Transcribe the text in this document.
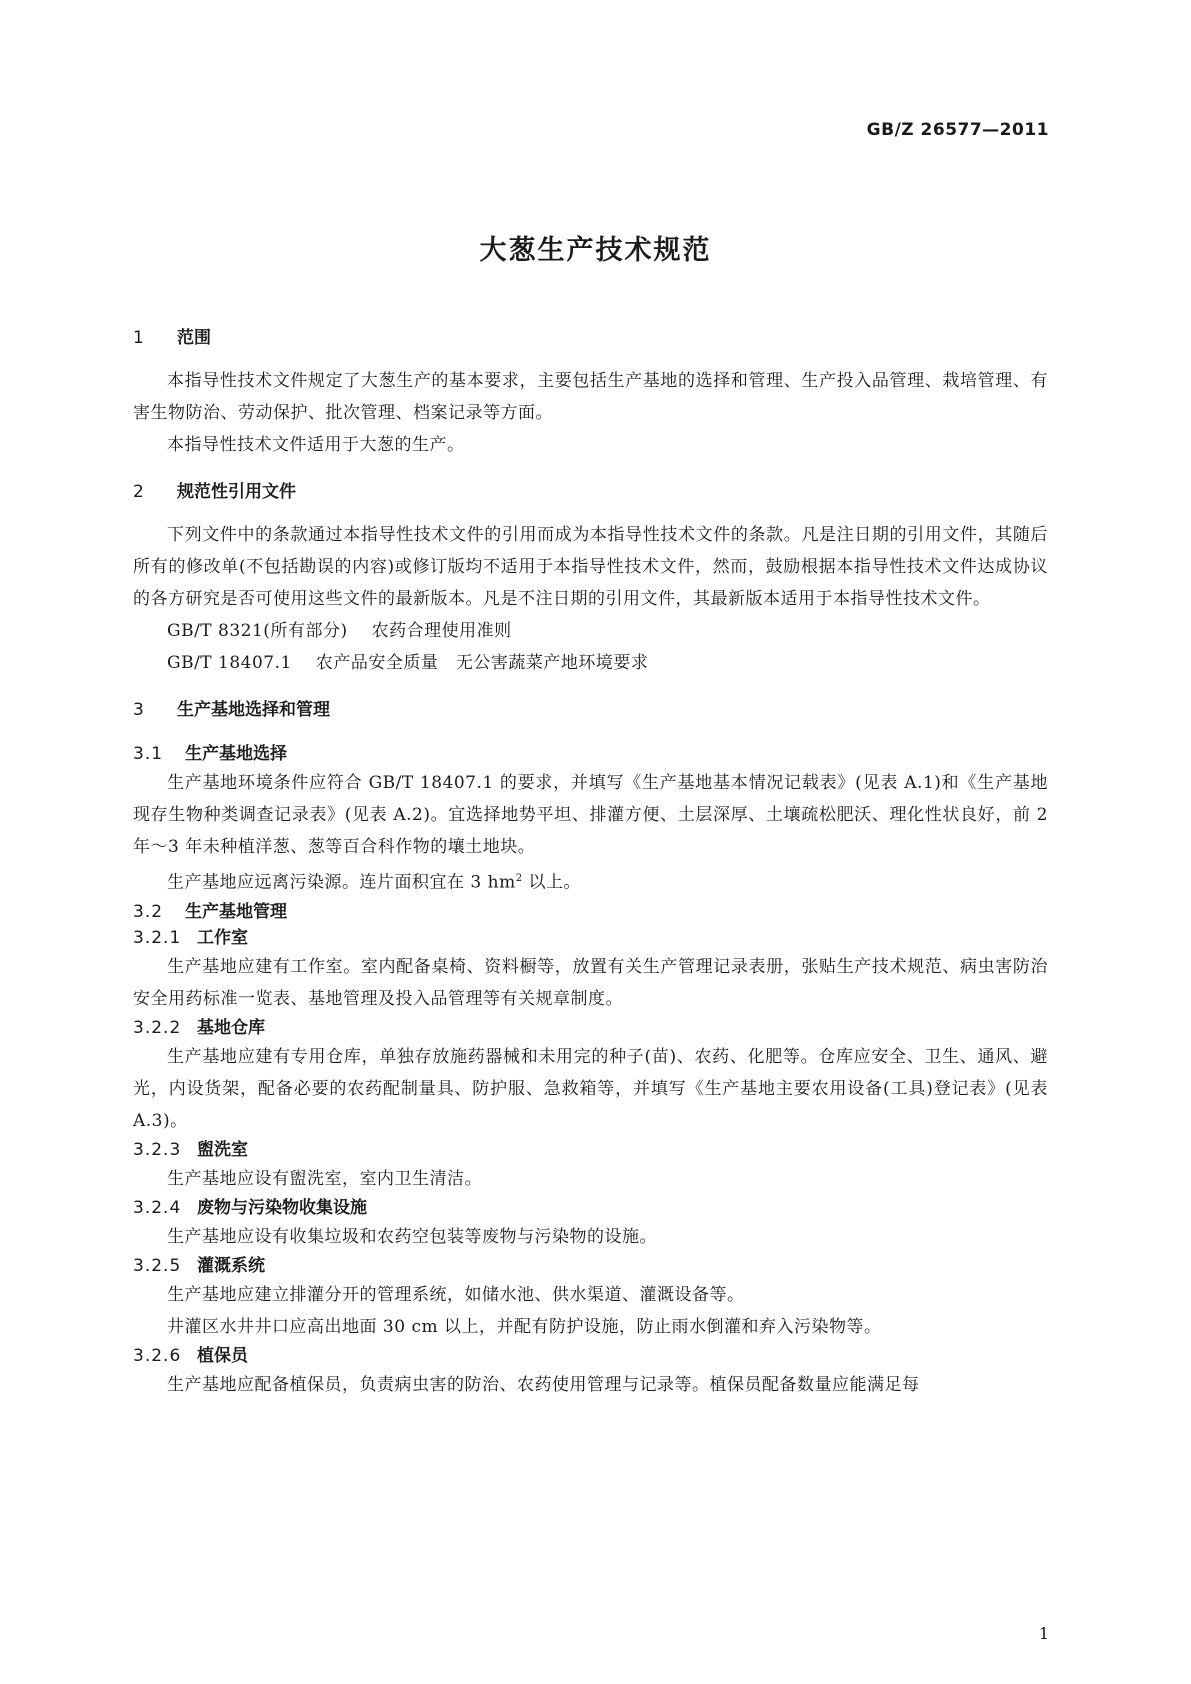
GB/Z 26577—2011
大葱生产技术规范
1 范围

本指导性技术文件规定了大葱生产的基本要求，主要包括生产基地的选择和管理、生产投入品管理、栽培管理、有害生物防治、劳动保护、批次管理、档案记录等方面。

本指导性技术文件适用于大葱的生产。

2 规范性引用文件

下列文件中的条款通过本指导性技术文件的引用而成为本指导性技术文件的条款。凡是注日期的引用文件，其随后所有的修改单(不包括勘误的内容)或修订版均不适用于本指导性技术文件，然而，鼓励根据本指导性技术文件达成协议的各方研究是否可使用这些文件的最新版本。凡是不注日期的引用文件，其最新版本适用于本指导性技术文件。

GB/T 8321(所有部分) 农药合理使用准则

GB/T 18407.1 农产品安全质量　无公害蔬菜产地环境要求

3 生产基地选择和管理
3.1 生产基地选择

生产基地环境条件应符合 GB/T 18407.1 的要求，并填写《生产基地基本情况记载表》(见表 A.1)和《生产基地现存生物种类调查记录表》(见表 A.2)。宜选择地势平坦、排灌方便、土层深厚、土壤疏松肥沃、理化性状良好，前 2 年～3 年未种植洋葱、葱等百合科作物的壤土地块。

生产基地应远离污染源。连片面积宜在 3 $hm^2$ 以上。

3.2 生产基地管理
3.2.1 工作室

生产基地应建有工作室。室内配备桌椅、资料橱等，放置有关生产管理记录表册，张贴生产技术规范、病虫害防治安全用药标准一览表、基地管理及投入品管理等有关规章制度。

3.2.2 基地仓库

生产基地应建有专用仓库，单独存放施药器械和未用完的种子(苗)、农药、化肥等。仓库应安全、卫生、通风、避光，内设货架，配备必要的农药配制量具、防护服、急救箱等，并填写《生产基地主要农用设备(工具)登记表》(见表 A.3)。

3.2.3 盥洗室

生产基地应设有盥洗室，室内卫生清洁。

3.2.4 废物与污染物收集设施

生产基地应设有收集垃圾和农药空包装等废物与污染物的设施。

3.2.5 灌溉系统

生产基地应建立排灌分开的管理系统，如储水池、供水渠道、灌溉设备等。

井灌区水井井口应高出地面 30 cm 以上，并配有防护设施，防止雨水倒灌和弃入污染物等。

3.2.6 植保员

生产基地应配备植保员，负责病虫害的防治、农药使用管理与记录等。植保员配备数量应能满足每

1
